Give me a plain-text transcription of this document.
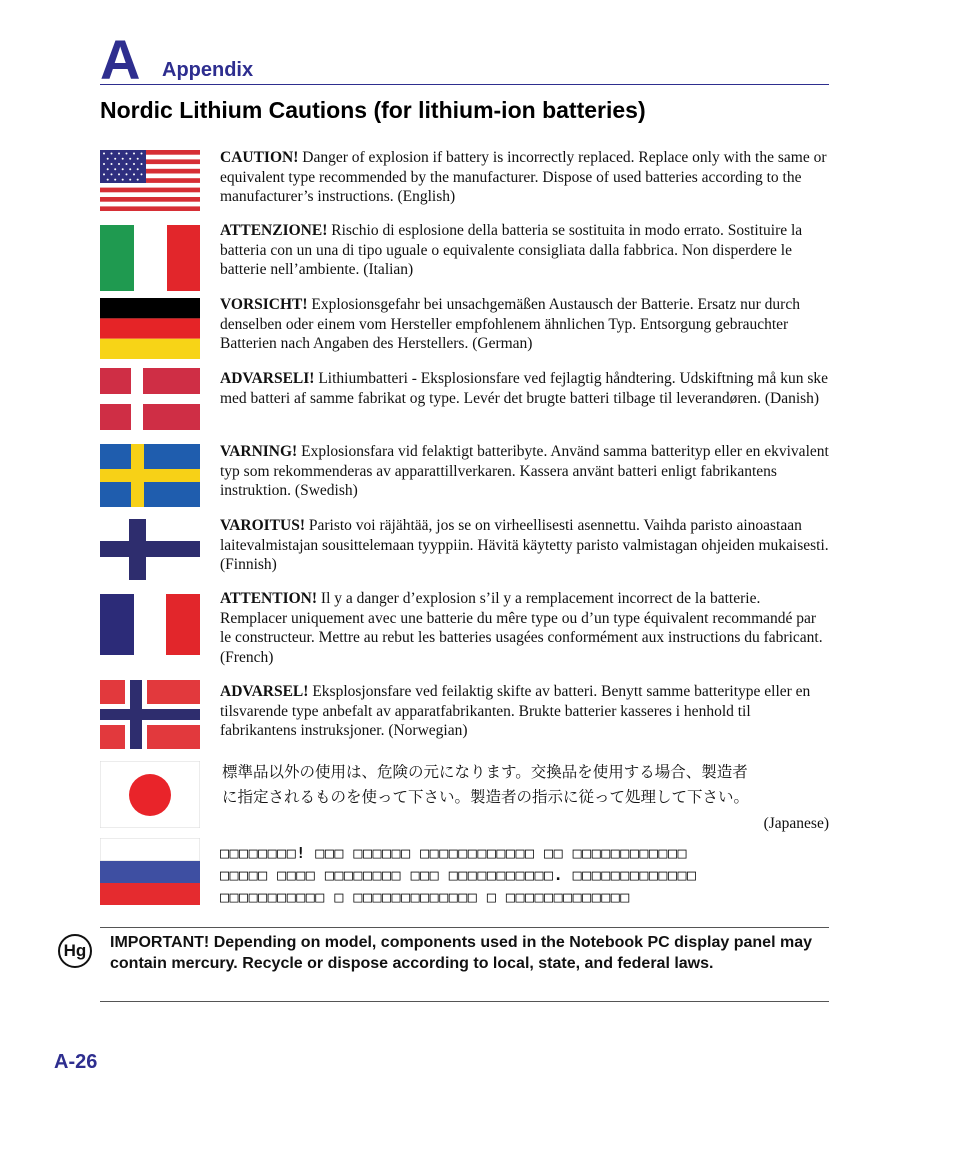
A Appendix
Nordic Lithium Cautions (for lithium-ion batteries)

CAUTION! Danger of explosion if battery is incorrectly replaced. Replace only with the same or equivalent type recommended by the manufacturer. Dispose of used batteries according to the manufacturer’s instructions. (English)

ATTENZIONE! Rischio di esplosione della batteria se sostituita in modo errato. Sostituire la batteria con un una di tipo uguale o equivalente consigliata dalla fabbrica. Non disperdere le batterie nell’ambiente. (Italian)

VORSICHT! Explosionsgefahr bei unsachgemäßen Austausch der Batterie. Ersatz nur durch denselben oder einem vom Hersteller empfohlenem ähnlichen Typ. Entsorgung gebrauchter Batterien nach Angaben des Herstellers. (German)

ADVARSELI! Lithiumbatteri - Eksplosionsfare ved fejlagtig håndtering. Udskiftning må kun ske med batteri af samme fabrikat og type. Levér det brugte batteri tilbage til leverandøren. (Danish)

VARNING! Explosionsfara vid felaktigt batteribyte. Använd samma batterityp eller en ekvivalent typ som rekommenderas av apparattillverkaren. Kassera använt batteri enligt fabrikantens instruktion. (Swedish)

VAROITUS! Paristo voi räjähtää, jos se on virheellisesti asennettu. Vaihda paristo ainoastaan laitevalmistajan sousittelemaan tyyppiin. Hävitä käytetty paristo valmistagan ohjeiden mukaisesti. (Finnish)

ATTENTION! Il y a danger d’explosion s’il y a remplacement incorrect de la batterie. Remplacer uniquement avec une batterie du mêre type ou d’un type équivalent recommandé par le constructeur. Mettre au rebut les batteries usagées conformément aux instructions du fabricant. (French)

ADVARSEL! Eksplosjonsfare ved feilaktig skifte av batteri. Benytt samme batteritype eller en tilsvarende type anbefalt av apparatfabrikanten. Brukte batterier kasseres i henhold til fabrikantens instruksjoner. (Norwegian)

標準品以外の使用は、危険の元になります。交換品を使用する場合、製造者
に指定されるものを使って下さい。製造者の指示に従って処理して下さい。

(Japanese)

□□□□□□□□! □□□ □□□□□□ □□□□□□□□□□□□ □□ □□□□□□□□□□□□
□□□□□ □□□□ □□□□□□□□ □□□ □□□□□□□□□□□. □□□□□□□□□□□□□
□□□□□□□□□□□ □ □□□□□□□□□□□□□ □ □□□□□□□□□□□□□

Hg	IMPORTANT! Depending on model, components used in the Notebook PC display panel may contain mercury. Recycle or dispose according to local, state, and federal laws.

A-26
